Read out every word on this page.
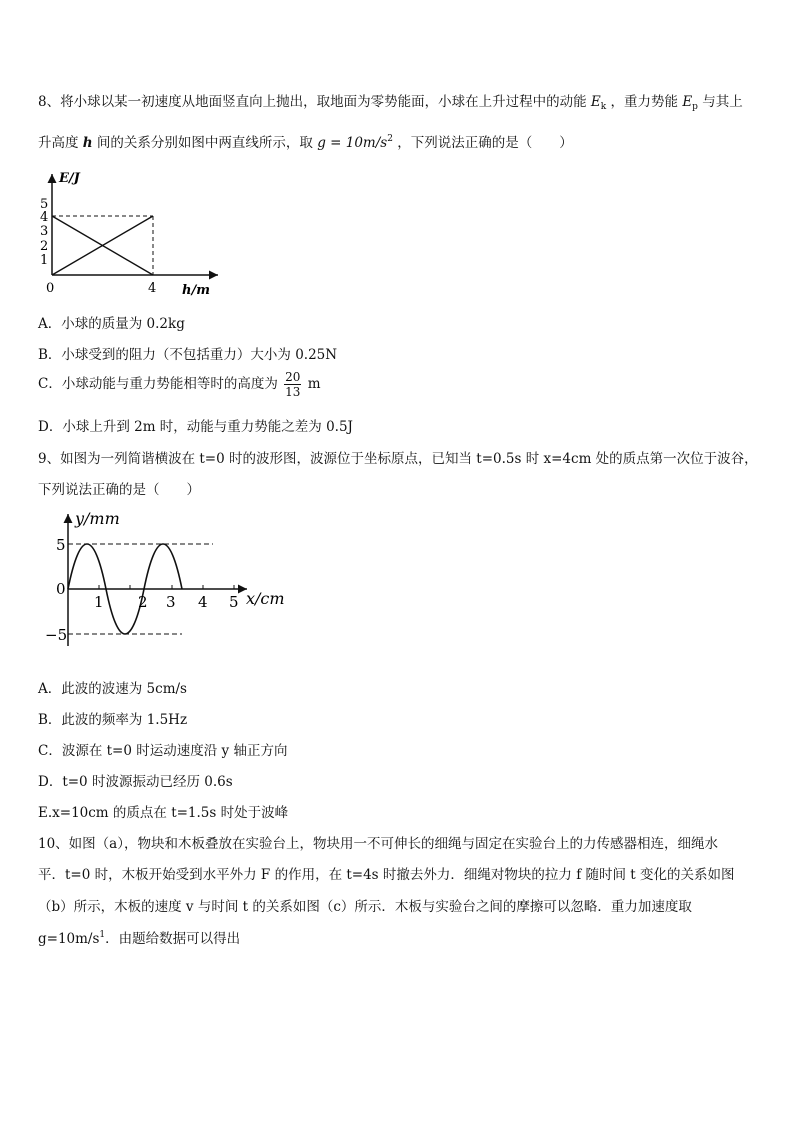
8、将小球以某一初速度从地面竖直向上抛出，取地面为零势能面，小球在上升过程中的动能 $E_k$ ，重力势能 $E_p$ 与其上
升高度 h 间的关系分别如图中两直线所示，取 $g = 10m/s^2$ ，下列说法正确的是（　　）
E/J
h/m
1
2
3
4
5
0	4
A．小球的质量为 0.2kg
B．小球受到的阻力（不包括重力）大小为 0.25N
C．小球动能与重力势能相等时的高度为 $\frac{20}{13}$ m
D．小球上升到 2m 时，动能与重力势能之差为 0.5J
9、如图为一列简谐横波在 t=0 时的波形图，波源位于坐标原点，已知当 t=0.5s 时 x=4cm 处的质点第一次位于波谷，
下列说法正确的是（　　）
y/mm
x/cm
5
0
−5
1 2 3 4 5
A．此波的波速为 5cm/s
B．此波的频率为 1.5Hz
C．波源在 t=0 时运动速度沿 y 轴正方向
D．t=0 时波源振动已经历 0.6s
E.x=10cm 的质点在 t=1.5s 时处于波峰
10、如图（a），物块和木板叠放在实验台上，物块用一不可伸长的细绳与固定在实验台上的力传感器相连，细绳水
平．t=0 时，木板开始受到水平外力 F 的作用，在 t=4s 时撤去外力．细绳对物块的拉力 f 随时间 t 变化的关系如图
（b）所示，木板的速度 v 与时间 t 的关系如图（c）所示．木板与实验台之间的摩擦可以忽略．重力加速度取
$g=10m/s^1$．由题给数据可以得出
